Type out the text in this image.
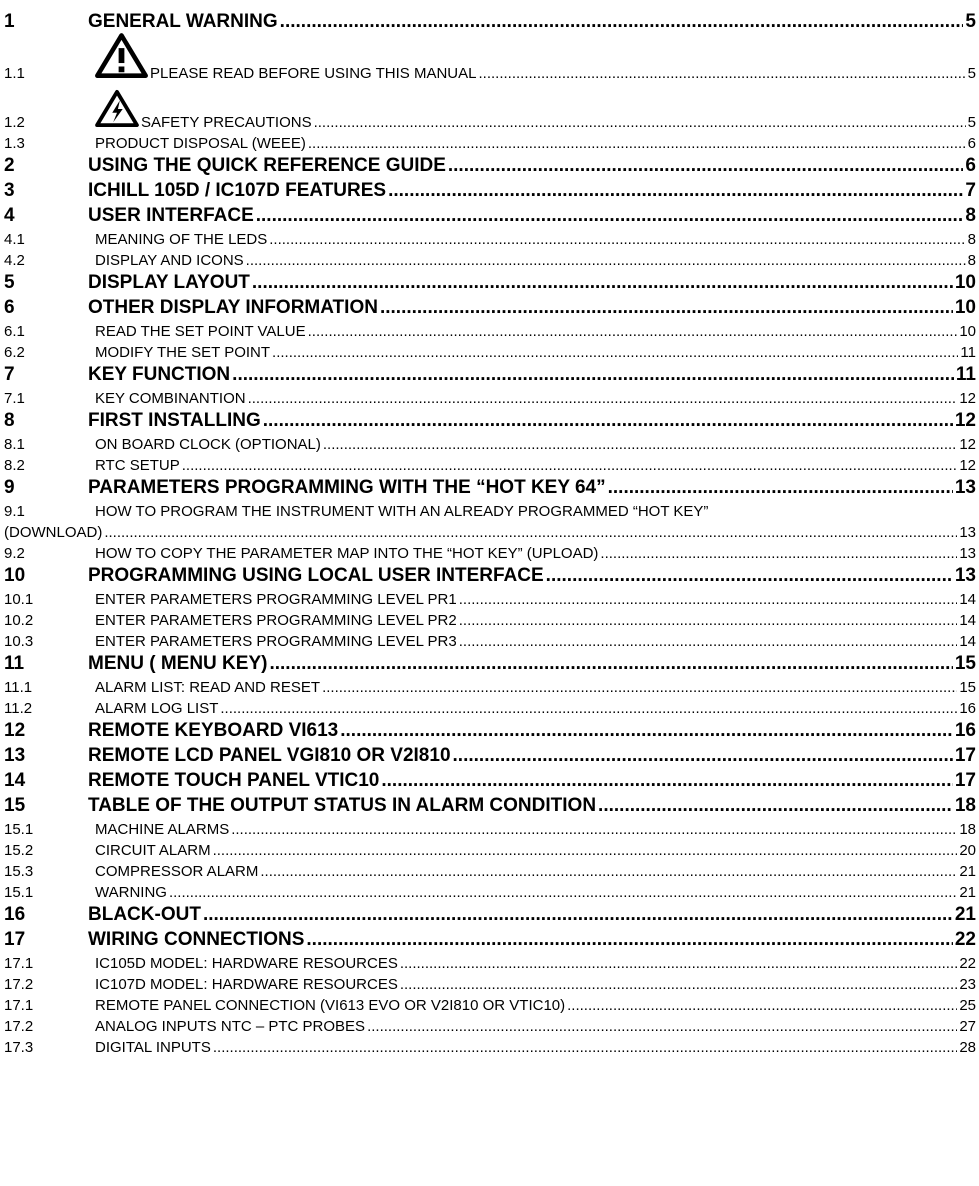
1	GENERAL WARNING .....	5
1.1	PLEASE READ BEFORE USING THIS MANUAL .....	5
1.2	SAFETY PRECAUTIONS .....	5
1.3	PRODUCT DISPOSAL (WEEE) .....	6
2	USING THE QUICK REFERENCE GUIDE .....	6
3	ICHILL 105D / IC107D FEATURES .....	7
4	USER INTERFACE .....	8
4.1	MEANING OF THE LEDS .....	8
4.2	DISPLAY AND ICONS .....	8
5	DISPLAY LAYOUT .....	10
6	OTHER DISPLAY INFORMATION .....	10
6.1	READ THE SET POINT VALUE .....	10
6.2	MODIFY THE SET POINT .....	11
7	KEY FUNCTION .....	11
7.1	KEY COMBINANTION .....	12
8	FIRST INSTALLING .....	12
8.1	ON BOARD CLOCK (OPTIONAL) .....	12
8.2	RTC SETUP .....	12
9	PARAMETERS PROGRAMMING WITH THE “HOT KEY 64” .....	13
9.1	HOW TO PROGRAM THE INSTRUMENT WITH AN ALREADY PROGRAMMED “HOT KEY”
(DOWNLOAD) .....	13
9.2	HOW TO COPY THE PARAMETER MAP INTO THE “HOT KEY” (UPLOAD) .....	13
10	PROGRAMMING USING LOCAL USER INTERFACE .....	13
10.1	ENTER PARAMETERS PROGRAMMING LEVEL PR1 .....	14
10.2	ENTER PARAMETERS PROGRAMMING LEVEL PR2 .....	14
10.3	ENTER PARAMETERS PROGRAMMING LEVEL PR3 .....	14
11	MENU ( MENU KEY) .....	15
11.1	ALARM LIST: READ AND RESET .....	15
11.2	ALARM LOG LIST .....	16
12	REMOTE KEYBOARD VI613 .....	16
13	REMOTE LCD PANEL VGI810 OR V2I810 .....	17
14	REMOTE TOUCH PANEL VTIC10 .....	17
15	TABLE OF THE OUTPUT STATUS IN ALARM CONDITION .....	18
15.1	MACHINE ALARMS .....	18
15.2	CIRCUIT ALARM .....	20
15.3	COMPRESSOR ALARM .....	21
15.1	WARNING .....	21
16	BLACK-OUT .....	21
17	WIRING CONNECTIONS .....	22
17.1	IC105D MODEL: HARDWARE RESOURCES .....	22
17.2	IC107D MODEL: HARDWARE RESOURCES .....	23
17.1	REMOTE PANEL CONNECTION (VI613 EVO OR V2I810 OR VTIC10) .....	25
17.2	ANALOG INPUTS NTC – PTC PROBES .....	27
17.3	DIGITAL INPUTS .....	28
